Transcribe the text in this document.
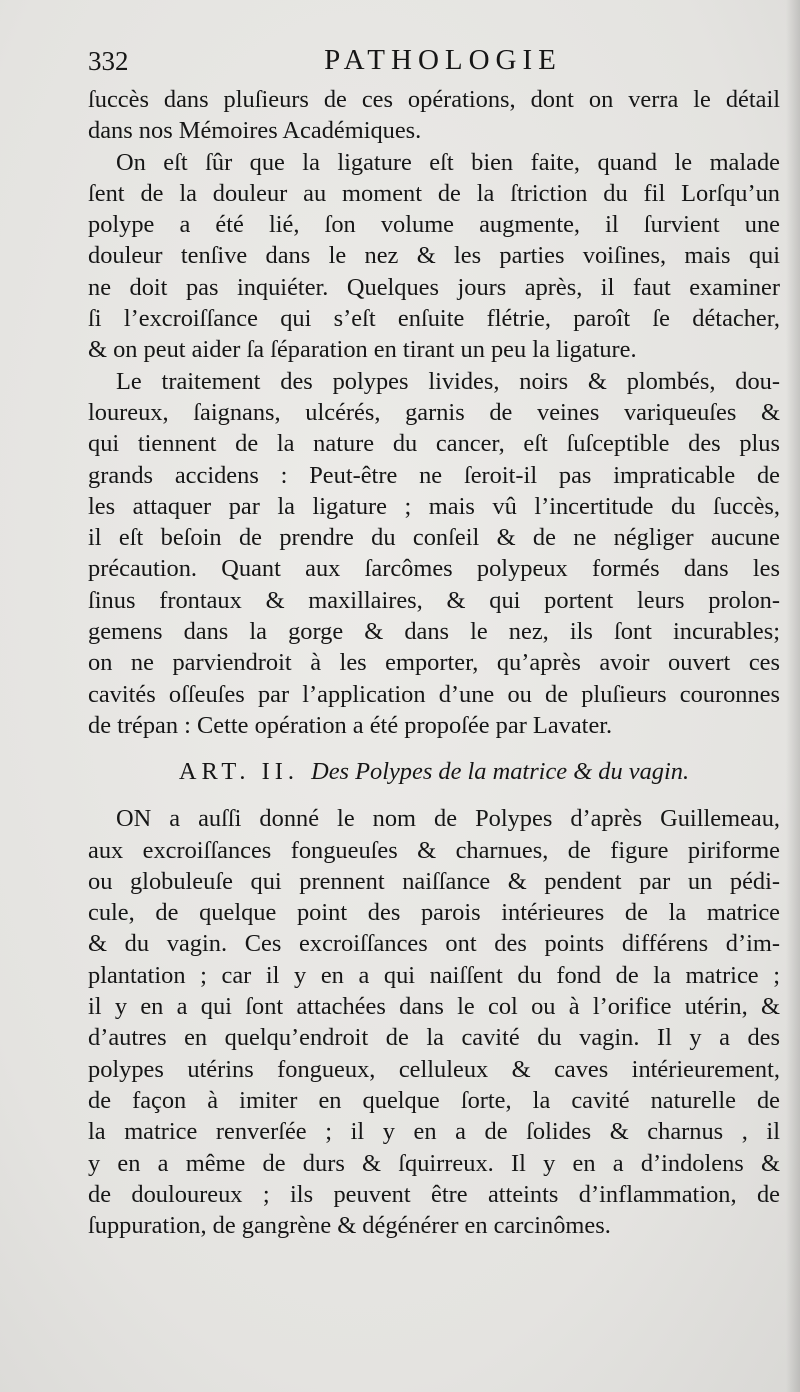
332	PATHOLOGIE
ſuccès dans pluſieurs de ces opérations, dont on verra le détail
dans nos Mémoires Académiques.
On eſt ſûr que la ligature eſt bien faite, quand le malade
ſent de la douleur au moment de la ſtriction du fil Lorſqu’un
polype a été lié, ſon volume augmente, il ſurvient une
douleur tenſive dans le nez & les parties voiſines, mais qui
ne doit pas inquiéter. Quelques jours après, il faut examiner
ſi l’excroiſſance qui s’eſt enſuite flétrie, paroît ſe détacher,
& on peut aider ſa ſéparation en tirant un peu la ligature.
Le traitement des polypes livides, noirs & plombés, dou-
loureux, ſaignans, ulcérés, garnis de veines variqueuſes &
qui tiennent de la nature du cancer, eſt ſuſceptible des plus
grands accidens : Peut-être ne ſeroit-il pas impraticable de
les attaquer par la ligature ; mais vû l’incertitude du ſuccès,
il eſt beſoin de prendre du conſeil & de ne négliger aucune
précaution. Quant aux ſarcômes polypeux formés dans les
ſinus frontaux & maxillaires, & qui portent leurs prolon-
gemens dans la gorge & dans le nez, ils ſont incurables;
on ne parviendroit à les emporter, qu’après avoir ouvert ces
cavités oſſeuſes par l’application d’une ou de pluſieurs couronnes
de trépan : Cette opération a été propoſée par Lavater.
ART. II. Des Polypes de la matrice & du vagin.
ON a auſſi donné le nom de Polypes d’après Guillemeau,
aux excroiſſances fongueuſes & charnues, de figure piriforme
ou globuleuſe qui prennent naiſſance & pendent par un pédi-
cule, de quelque point des parois intérieures de la matrice
& du vagin. Ces excroiſſances ont des points différens d’im-
plantation ; car il y en a qui naiſſent du fond de la matrice ;
il y en a qui ſont attachées dans le col ou à l’orifice utérin, &
d’autres en quelqu’endroit de la cavité du vagin. Il y a des
polypes utérins fongueux, celluleux & caves intérieurement,
de façon à imiter en quelque ſorte, la cavité naturelle de
la matrice renverſée ; il y en a de ſolides & charnus , il
y en a même de durs & ſquirreux. Il y en a d’indolens &
de douloureux ; ils peuvent être atteints d’inflammation, de
ſuppuration, de gangrène & dégénérer en carcinômes.
